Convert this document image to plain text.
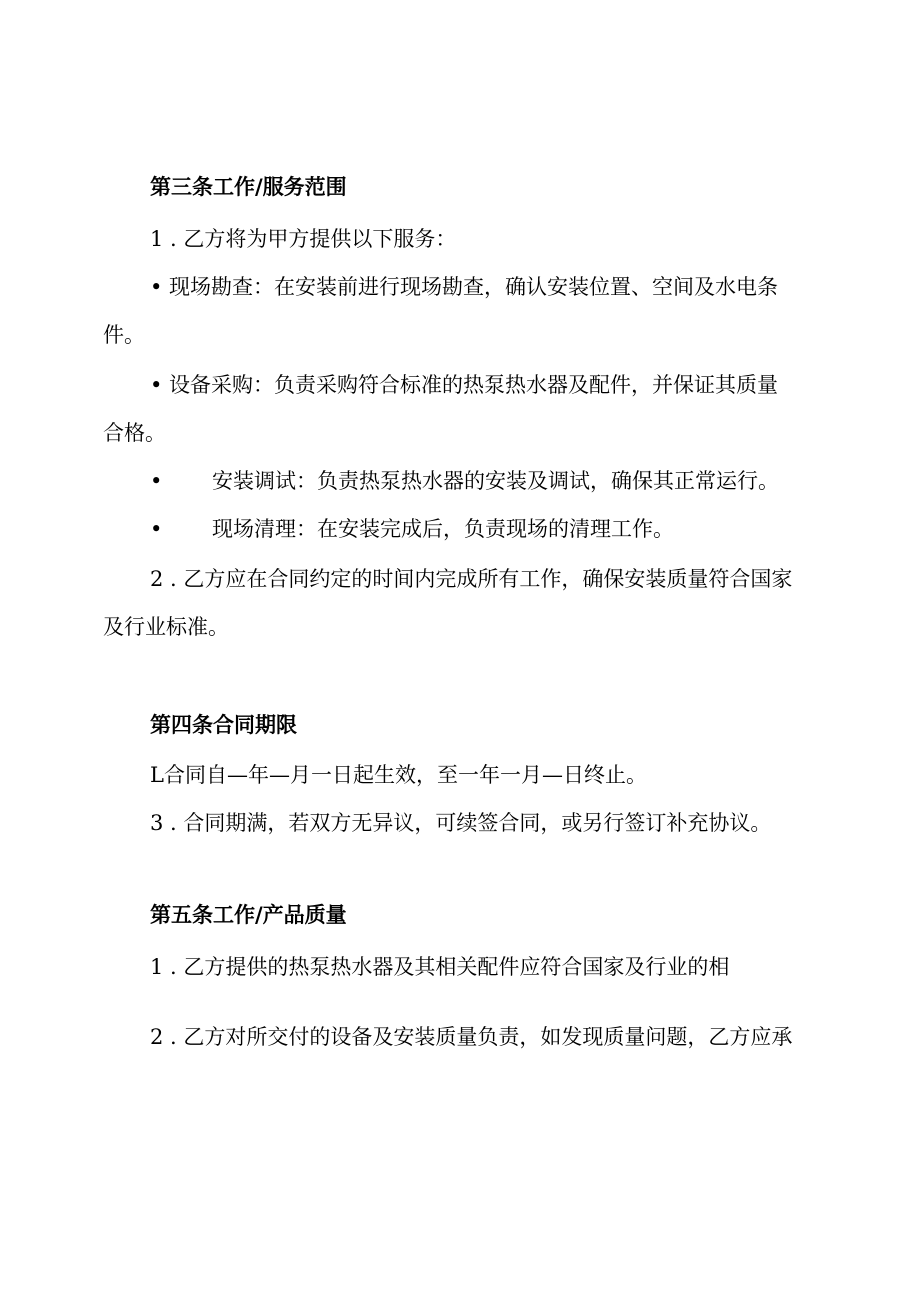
第三条工作/服务范围
1 . 乙方将为甲方提供以下服务：
• 现场勘查：在安装前进行现场勘查，确认安装位置、空间及水电条
件。
• 设备采购：负责采购符合标准的热泵热水器及配件，并保证其质量
合格。
• 安装调试：负责热泵热水器的安装及调试，确保其正常运行。
• 现场清理：在安装完成后，负责现场的清理工作。
2 . 乙方应在合同约定的时间内完成所有工作，确保安装质量符合国家
及行业标准。
第四条合同期限
L合同自—年—月一日起生效，至一年一月—日终止。
3 . 合同期满，若双方无异议，可续签合同，或另行签订补充协议。
第五条工作/产品质量
1 . 乙方提供的热泵热水器及其相关配件应符合国家及行业的相
2 . 乙方对所交付的设备及安装质量负责，如发现质量问题，乙方应承
